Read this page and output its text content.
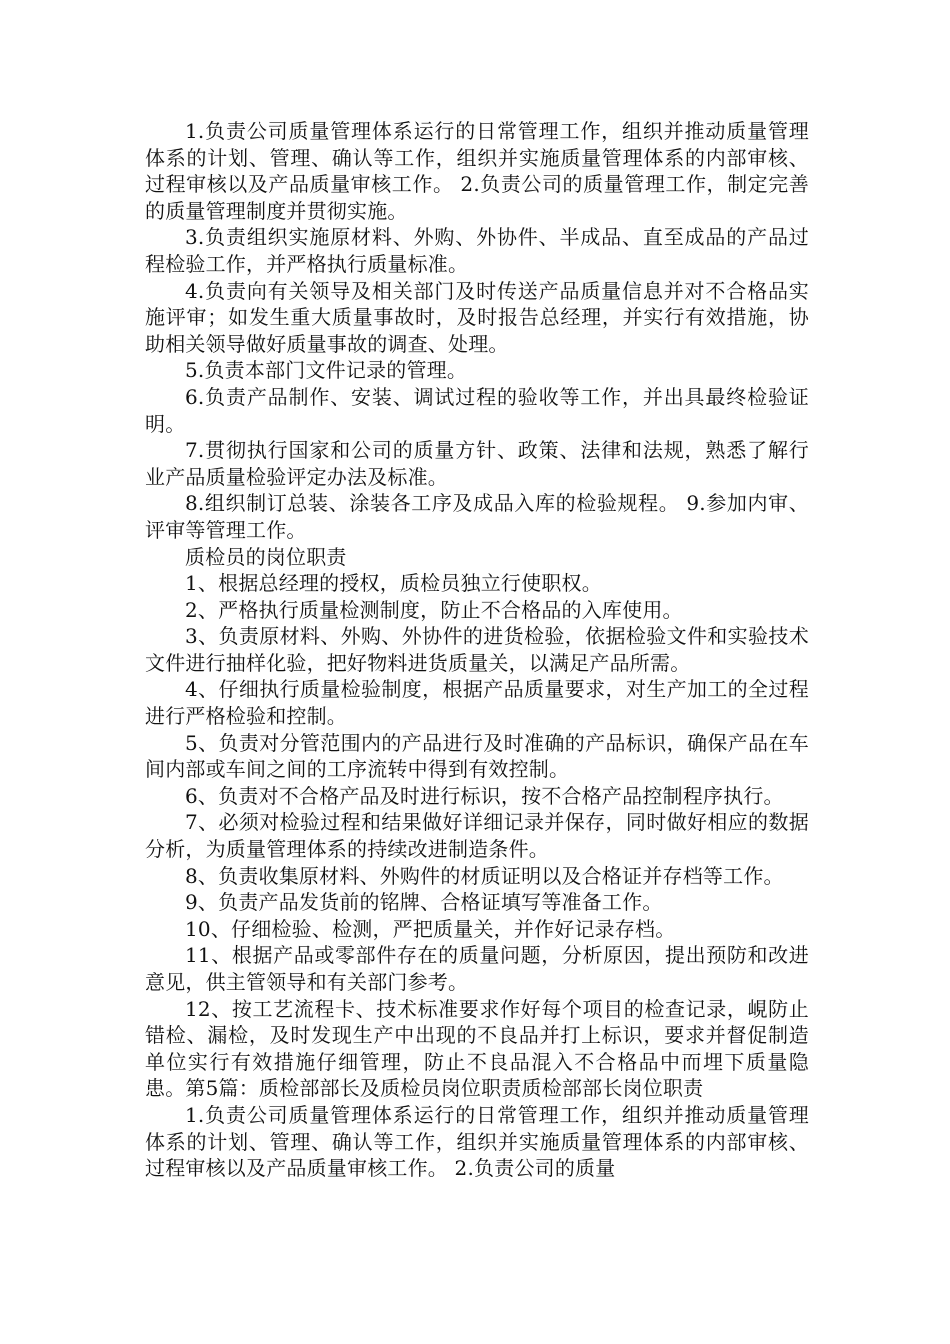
1.负责公司质量管理体系运行的日常管理工作，组织并推动质量管理体系的计划、管理、确认等工作，组织并实施质量管理体系的内部审核、过程审核以及产品质量审核工作。 2.负责公司的质量管理工作，制定完善的质量管理制度并贯彻实施。

3.负责组织实施原材料、外购、外协件、半成品、直至成品的产品过程检验工作，并严格执行质量标准。

4.负责向有关领导及相关部门及时传送产品质量信息并对不合格品实施评审；如发生重大质量事故时，及时报告总经理，并实行有效措施，协助相关领导做好质量事故的调查、处理。

5.负责本部门文件记录的管理。

6.负责产品制作、安装、调试过程的验收等工作，并出具最终检验证明。

7.贯彻执行国家和公司的质量方针、政策、法律和法规，熟悉了解行业产品质量检验评定办法及标准。

8.组织制订总装、涂装各工序及成品入库的检验规程。 9.参加内审、评审等管理工作。

质检员的岗位职责

1、根据总经理的授权，质检员独立行使职权。

2、严格执行质量检测制度，防止不合格品的入库使用。

3、负责原材料、外购、外协件的进货检验，依据检验文件和实验技术文件进行抽样化验，把好物料进货质量关，以满足产品所需。

4、仔细执行质量检验制度，根据产品质量要求，对生产加工的全过程进行严格检验和控制。

5、负责对分管范围内的产品进行及时准确的产品标识，确保产品在车间内部或车间之间的工序流转中得到有效控制。

6、负责对不合格产品及时进行标识，按不合格产品控制程序执行。

7、必须对检验过程和结果做好详细记录并保存，同时做好相应的数据分析，为质量管理体系的持续改进制造条件。

8、负责收集原材料、外购件的材质证明以及合格证并存档等工作。

9、负责产品发货前的铭牌、合格证填写等准备工作。

10、仔细检验、检测，严把质量关，并作好记录存档。

11、根据产品或零部件存在的质量问题，分析原因，提出预防和改进意见，供主管领导和有关部门参考。

12、按工艺流程卡、技术标准要求作好每个项目的检查记录，峴防止错检、漏检，及时发现生产中出现的不良品并打上标识，要求并督促制造单位实行有效措施仔细管理，防止不良品混入不合格品中而埋下质量隐患。第5篇：质检部部长及质检员岗位职责质检部部长岗位职责

1.负责公司质量管理体系运行的日常管理工作，组织并推动质量管理体系的计划、管理、确认等工作，组织并实施质量管理体系的内部审核、过程审核以及产品质量审核工作。 2.负责公司的质量
